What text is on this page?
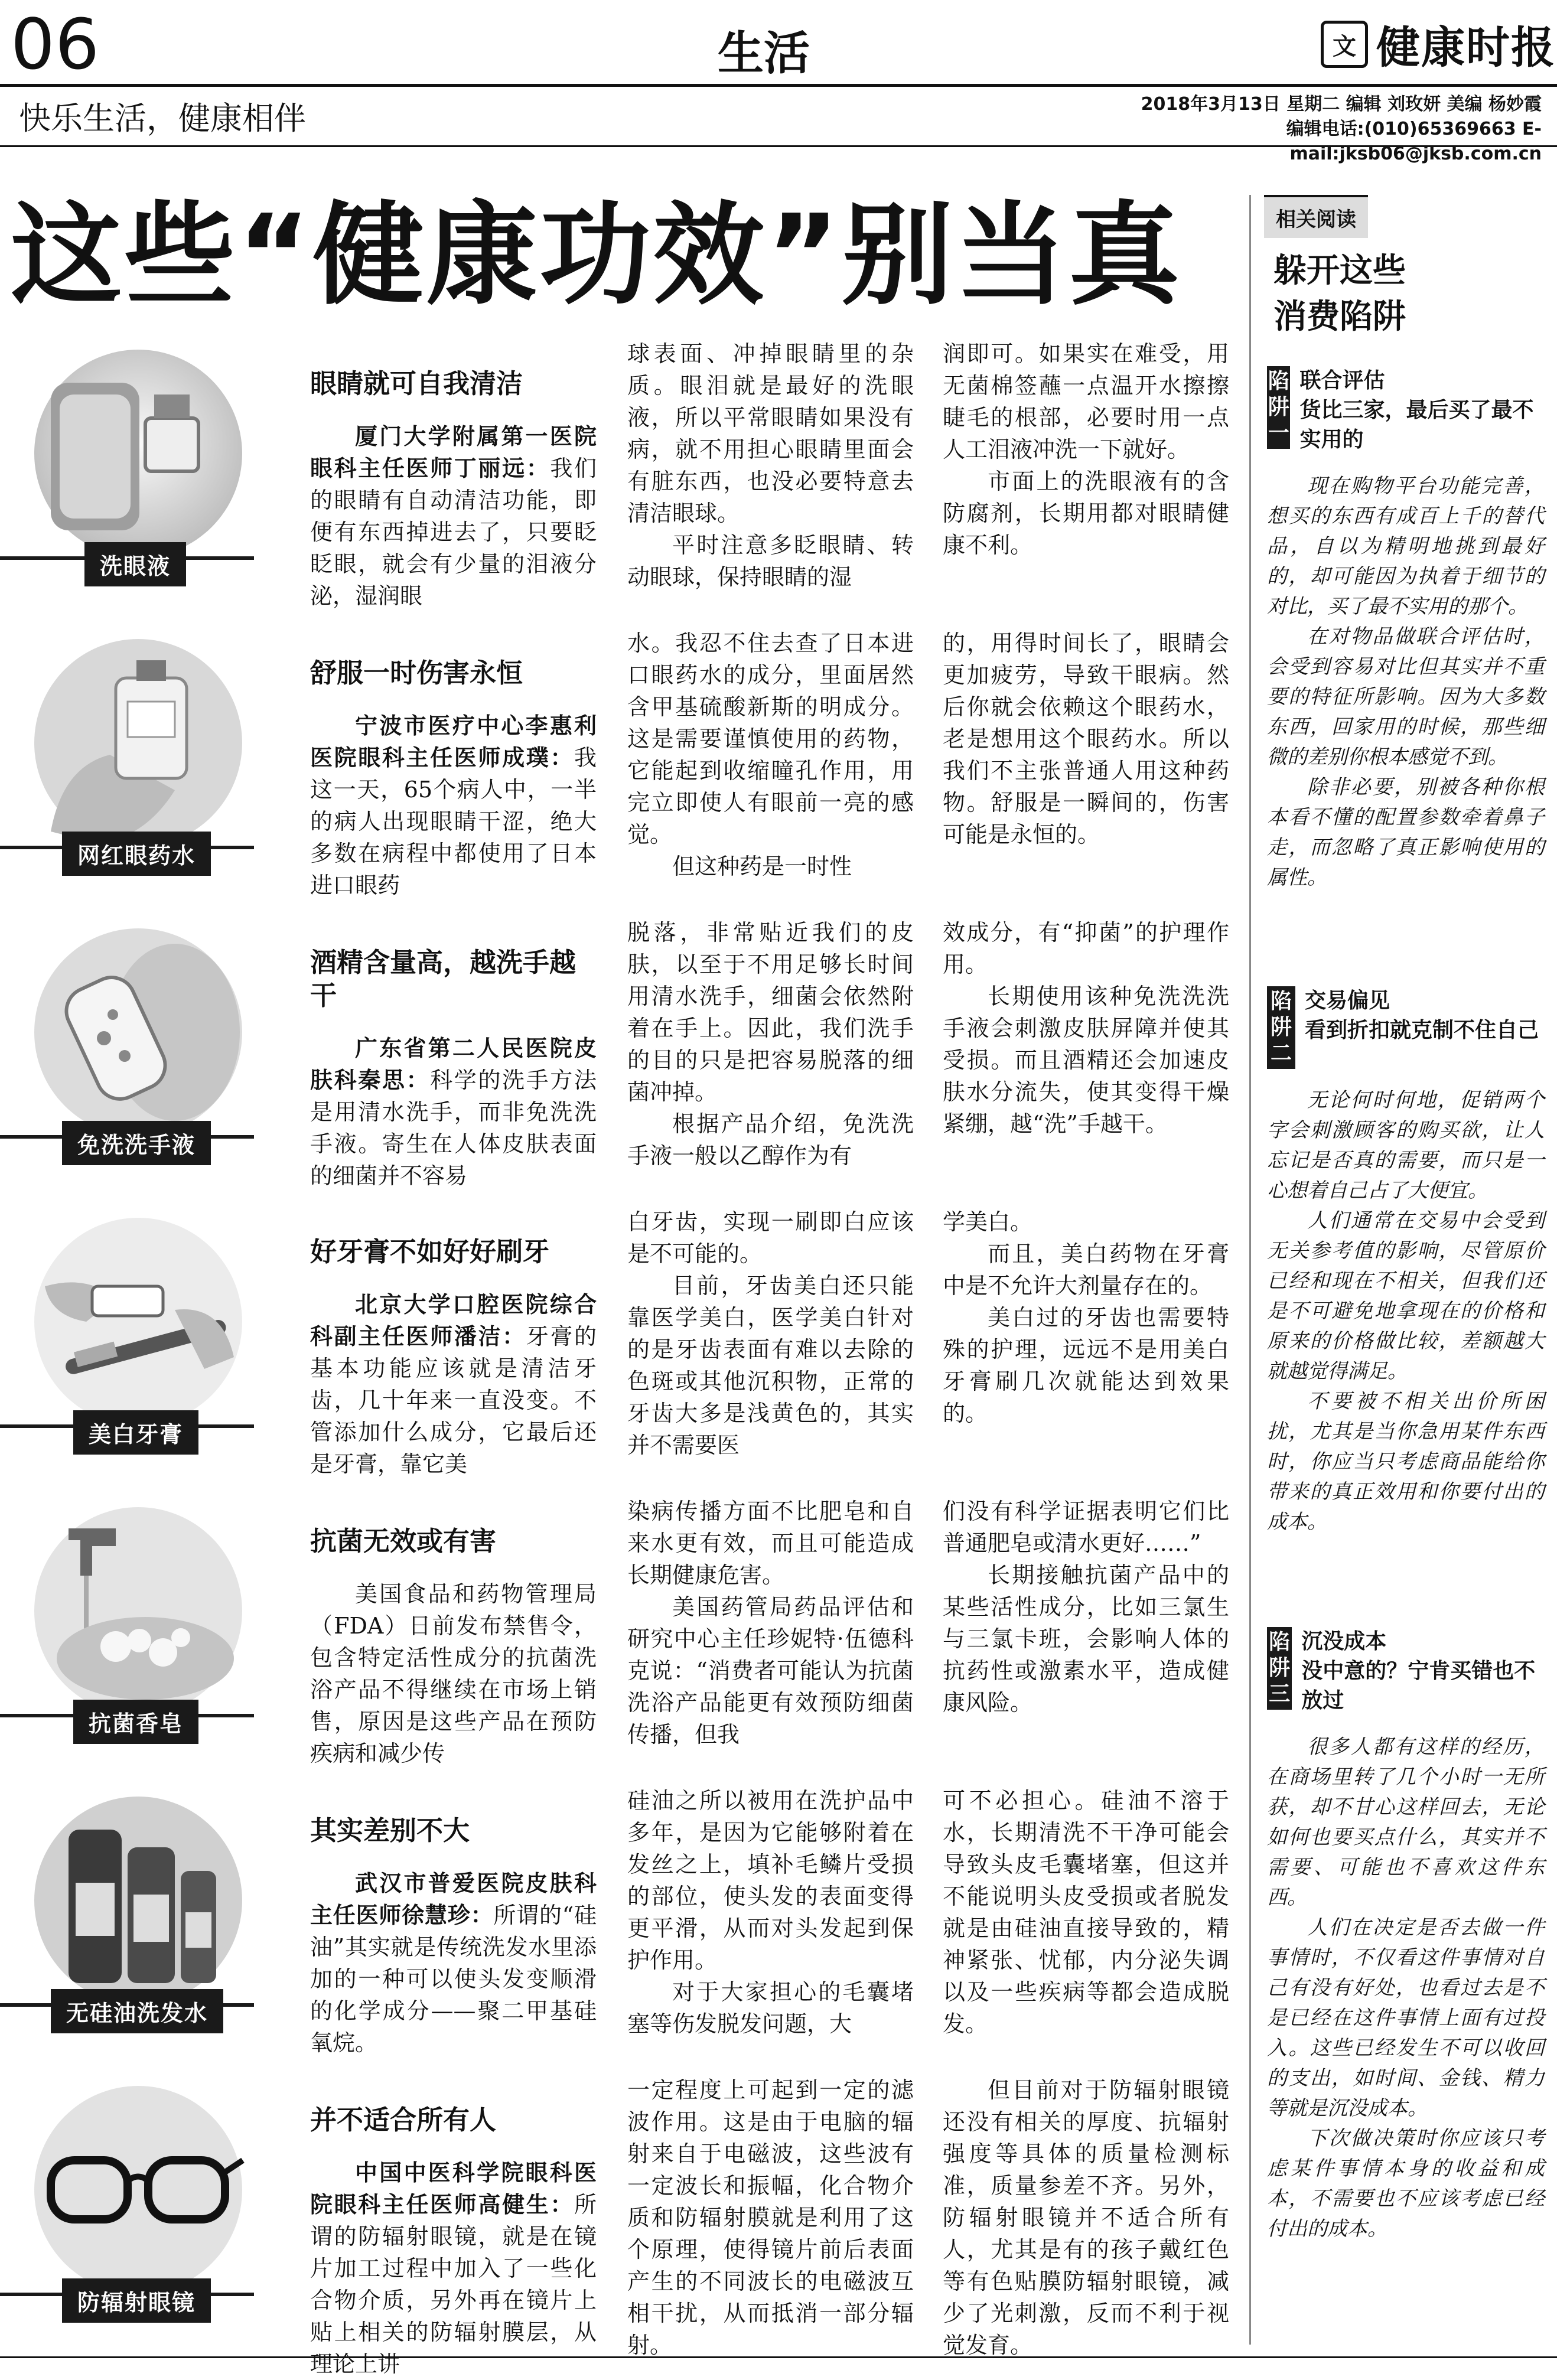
06	生活	文 健康时报
快乐生活，健康相伴	2018年3月13日 星期二 编辑 刘玫妍 美编 杨妙霞
编辑电话:(010)65369663 E-mail:jksb06@jksb.com.cn
这些“健康功效”别当真
洗眼液
眼睛就可自我清洁

厦门大学附属第一医院眼科主任医师丁丽远：我们的眼睛有自动清洁功能，即便有东西掉进去了，只要眨眨眼，就会有少量的泪液分泌，湿润眼

球表面、冲掉眼睛里的杂质。眼泪就是最好的洗眼液，所以平常眼睛如果没有病，就不用担心眼睛里面会有脏东西，也没必要特意去清洁眼球。

平时注意多眨眼睛、转动眼球，保持眼睛的湿

润即可。如果实在难受，用无菌棉签蘸一点温开水擦擦睫毛的根部，必要时用一点人工泪液冲洗一下就好。

市面上的洗眼液有的含防腐剂，长期用都对眼睛健康不利。

网红眼药水
舒服一时伤害永恒

宁波市医疗中心李惠利医院眼科主任医师成璞：我这一天，65个病人中，一半的病人出现眼睛干涩，绝大多数在病程中都使用了日本进口眼药

水。我忍不住去查了日本进口眼药水的成分，里面居然含甲基硫酸新斯的明成分。这是需要谨慎使用的药物，它能起到收缩瞳孔作用，用完立即使人有眼前一亮的感觉。

但这种药是一时性

的，用得时间长了，眼睛会更加疲劳，导致干眼病。然后你就会依赖这个眼药水，老是想用这个眼药水。所以我们不主张普通人用这种药物。舒服是一瞬间的，伤害可能是永恒的。

免洗洗手液
酒精含量高，越洗手越干

广东省第二人民医院皮肤科秦思：科学的洗手方法是用清水洗手，而非免洗洗手液。寄生在人体皮肤表面的细菌并不容易

脱落，非常贴近我们的皮肤，以至于不用足够长时间用清水洗手，细菌会依然附着在手上。因此，我们洗手的目的只是把容易脱落的细菌冲掉。

根据产品介绍，免洗洗手液一般以乙醇作为有

效成分，有“抑菌”的护理作用。

长期使用该种免洗洗洗手液会刺激皮肤屏障并使其受损。而且酒精还会加速皮肤水分流失，使其变得干燥紧绷，越“洗”手越干。

美白牙膏
好牙膏不如好好刷牙

北京大学口腔医院综合科副主任医师潘洁：牙膏的基本功能应该就是清洁牙齿，几十年来一直没变。不管添加什么成分，它最后还是牙膏，靠它美

白牙齿，实现一刷即白应该是不可能的。

目前，牙齿美白还只能靠医学美白，医学美白针对的是牙齿表面有难以去除的色斑或其他沉积物，正常的牙齿大多是浅黄色的，其实并不需要医

学美白。

而且，美白药物在牙膏中是不允许大剂量存在的。

美白过的牙齿也需要特殊的护理，远远不是用美白牙膏刷几次就能达到效果的。

抗菌香皂
抗菌无效或有害

美国食品和药物管理局（FDA）日前发布禁售令，包含特定活性成分的抗菌洗浴产品不得继续在市场上销售，原因是这些产品在预防疾病和减少传

染病传播方面不比肥皂和自来水更有效，而且可能造成长期健康危害。

美国药管局药品评估和研究中心主任珍妮特·伍德科克说：“消费者可能认为抗菌洗浴产品能更有效预防细菌传播，但我

们没有科学证据表明它们比普通肥皂或清水更好……”

长期接触抗菌产品中的某些活性成分，比如三氯生与三氯卡班，会影响人体的抗药性或激素水平，造成健康风险。

无硅油洗发水
其实差别不大

武汉市普爱医院皮肤科主任医师徐慧珍：所谓的“硅油”其实就是传统洗发水里添加的一种可以使头发变顺滑的化学成分——聚二甲基硅氧烷。

硅油之所以被用在洗护品中多年，是因为它能够附着在发丝之上，填补毛鳞片受损的部位，使头发的表面变得更平滑，从而对头发起到保护作用。

对于大家担心的毛囊堵塞等伤发脱发问题，大

可不必担心。硅油不溶于水，长期清洗不干净可能会导致头皮毛囊堵塞，但这并不能说明头皮受损或者脱发就是由硅油直接导致的，精神紧张、忧郁，内分泌失调以及一些疾病等都会造成脱发。

防辐射眼镜
并不适合所有人

中国中医科学院眼科医院眼科主任医师高健生：所谓的防辐射眼镜，就是在镜片加工过程中加入了一些化合物介质，另外再在镜片上贴上相关的防辐射膜层，从理论上讲

一定程度上可起到一定的滤波作用。这是由于电脑的辐射来自于电磁波，这些波有一定波长和振幅，化合物介质和防辐射膜就是利用了这个原理，使得镜片前后表面产生的不同波长的电磁波互相干扰，从而抵消一部分辐射。

但目前对于防辐射眼镜还没有相关的厚度、抗辐射强度等具体的质量检测标准，质量参差不齐。另外，防辐射眼镜并不适合所有人，尤其是有的孩子戴红色等有色贴膜防辐射眼镜，减少了光刺激，反而不利于视觉发育。

相关阅读
躲开这些
消费陷阱
陷
阱
一
联合评估
货比三家，最后买了最不实用的

现在购物平台功能完善，想买的东西有成百上千的替代品，自以为精明地挑到最好的，却可能因为执着于细节的对比，买了最不实用的那个。

在对物品做联合评估时，会受到容易对比但其实并不重要的特征所影响。因为大多数东西，回家用的时候，那些细微的差别你根本感觉不到。

除非必要，别被各种你根本看不懂的配置参数牵着鼻子走，而忽略了真正影响使用的属性。

陷
阱
二
交易偏见
看到折扣就克制不住自己

无论何时何地，促销两个字会刺激顾客的购买欲，让人忘记是否真的需要，而只是一心想着自己占了大便宜。

人们通常在交易中会受到无关参考值的影响，尽管原价已经和现在不相关，但我们还是不可避免地拿现在的价格和原来的价格做比较，差额越大就越觉得满足。

不要被不相关出价所困扰，尤其是当你急用某件东西时，你应当只考虑商品能给你带来的真正效用和你要付出的成本。

陷
阱
三
沉没成本
没中意的？宁肯买错也不放过

很多人都有这样的经历，在商场里转了几个小时一无所获，却不甘心这样回去，无论如何也要买点什么，其实并不需要、可能也不喜欢这件东西。

人们在决定是否去做一件事情时，不仅看这件事情对自己有没有好处，也看过去是不是已经在这件事情上面有过投入。这些已经发生不可以收回的支出，如时间、金钱、精力等就是沉没成本。

下次做决策时你应该只考虑某件事情本身的收益和成本，不需要也不应该考虑已经付出的成本。
